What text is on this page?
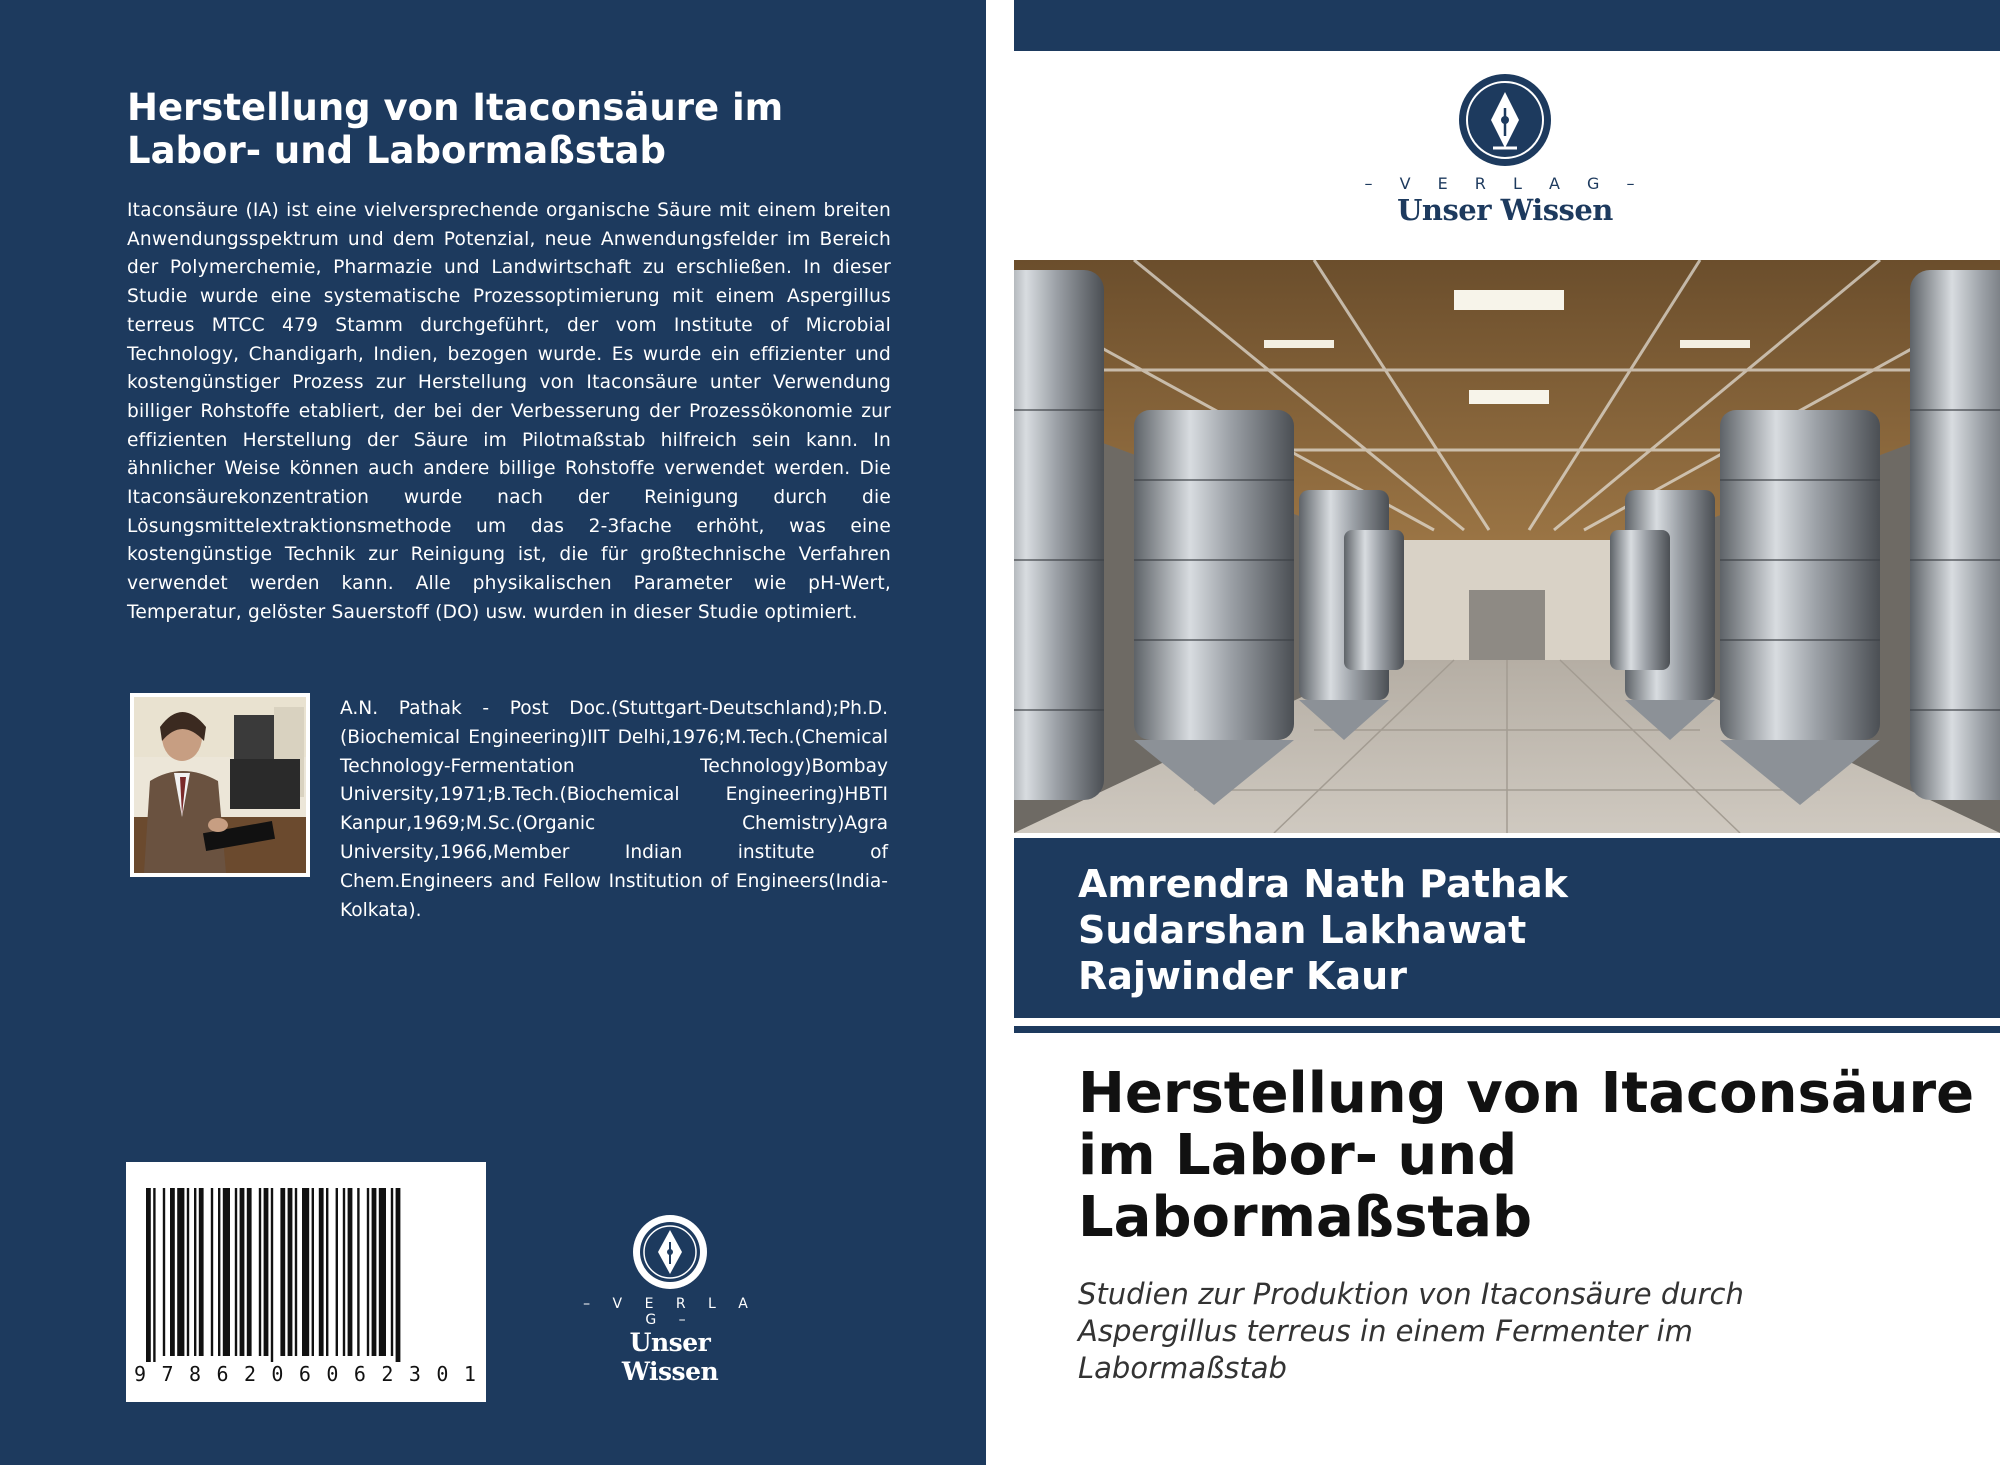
Herstellung von Itaconsäure im Labor- und Labormaßstab

Itaconsäure (IA) ist eine vielversprechende organische Säure mit einem breiten Anwendungsspektrum und dem Potenzial, neue Anwendungsfelder im Bereich der Polymerchemie, Pharmazie und Landwirtschaft zu erschließen. In dieser Studie wurde eine systematische Prozessoptimierung mit einem Aspergillus terreus MTCC 479 Stamm durchgeführt, der vom Institute of Microbial Technology, Chandigarh, Indien, bezogen wurde. Es wurde ein effizienter und kostengünstiger Prozess zur Herstellung von Itaconsäure unter Verwendung billiger Rohstoffe etabliert, der bei der Verbesserung der Prozessökonomie zur effizienten Herstellung der Säure im Pilotmaßstab hilfreich sein kann. In ähnlicher Weise können auch andere billige Rohstoffe verwendet werden. Die Itaconsäurekonzentration wurde nach der Reinigung durch die Lösungsmittelextraktionsmethode um das 2-3fache erhöht, was eine kostengünstige Technik zur Reinigung ist, die für großtechnische Verfahren verwendet werden kann. Alle physikalischen Parameter wie pH-Wert, Temperatur, gelöster Sauerstoff (DO) usw. wurden in dieser Studie optimiert.

A.N. Pathak - Post Doc.(Stuttgart-Deutschland);Ph.D.(Biochemical Engineering)IIT Delhi,1976;M.Tech.(Chemical Technology-Fermentation Technology)Bombay University,1971;B.Tech.(Biochemical Engineering)HBTI Kanpur,1969;M.Sc.(Organic Chemistry)Agra University,1966,Member Indian institute of Chem.Engineers and Fellow Institution of Engineers(India-Kolkata).

9 7 8 6 2 0 6 0 6 2 3 0 1
– V E R L A G –
Unser Wissen
– V E R L A G –
Unser Wissen

Amrendra Nath Pathak

Sudarshan Lakhawat

Rajwinder Kaur

Herstellung von Itaconsäure im Labor- und Labormaßstab

Studien zur Produktion von Itaconsäure durch Aspergillus terreus in einem Fermenter im Labormaßstab
